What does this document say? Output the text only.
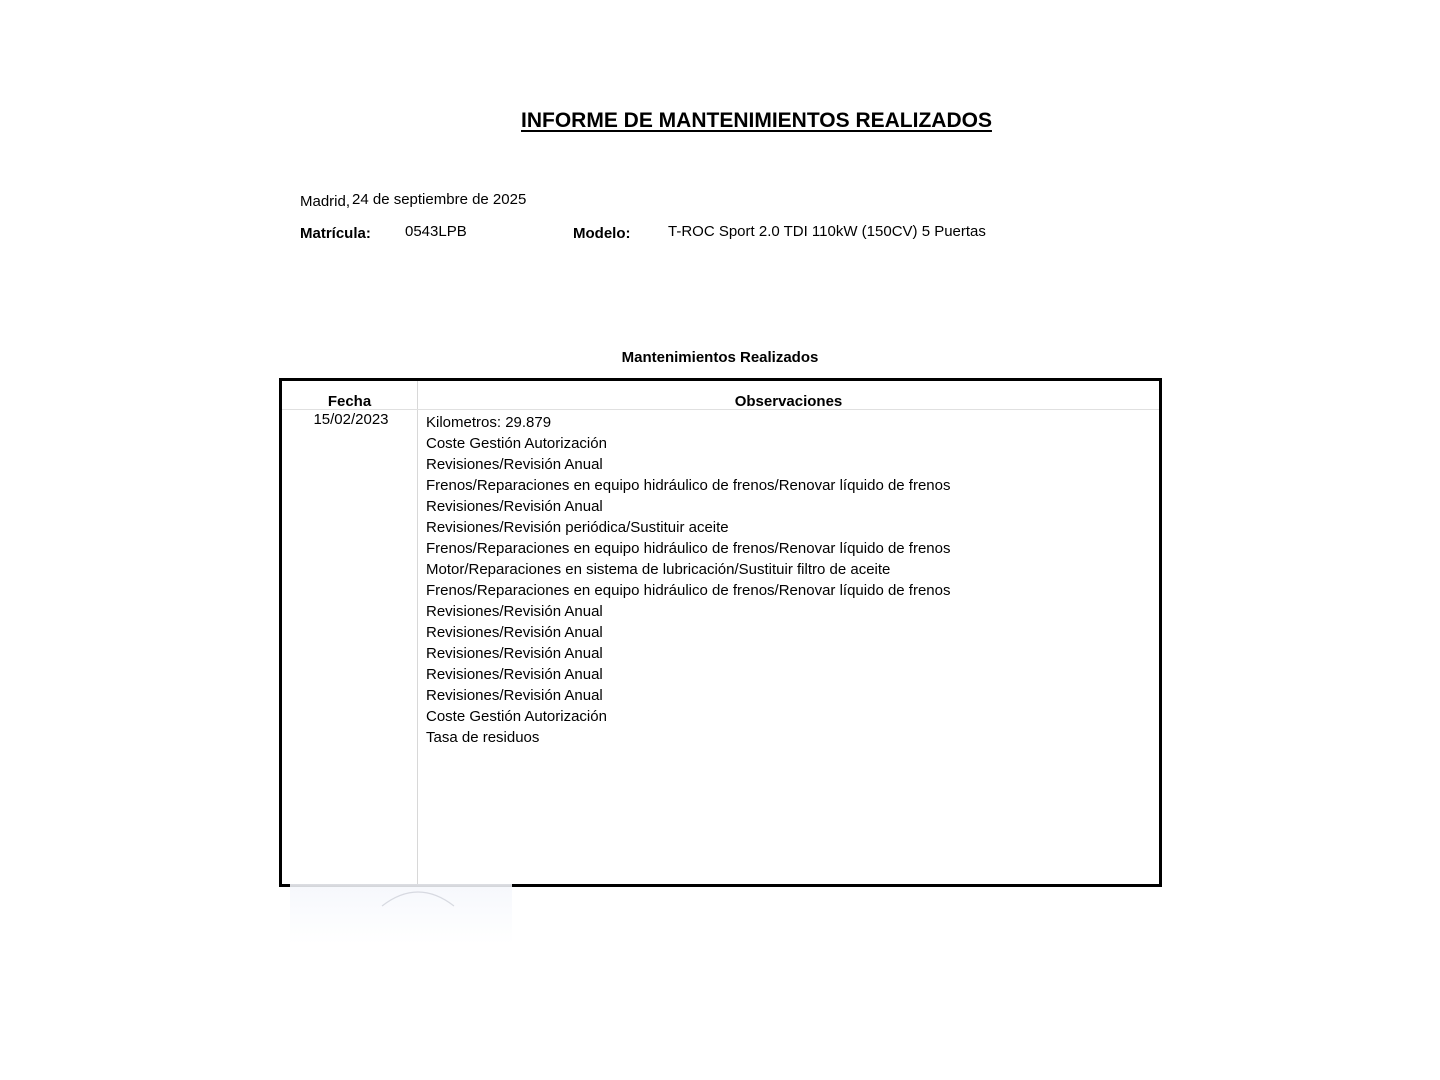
INFORME DE MANTENIMIENTOS REALIZADOS
Madrid, 24 de septiembre de 2025
Matrícula: 0543LPB	Modelo:	T-ROC Sport 2.0 TDI 110kW (150CV) 5 Puertas
Mantenimientos Realizados
Fecha	Observaciones
15/02/2023	Kilometros: 29.879
Coste Gestión Autorización
Revisiones/Revisión Anual
Frenos/Reparaciones en equipo hidráulico de frenos/Renovar líquido de frenos
Revisiones/Revisión Anual
Revisiones/Revisión periódica/Sustituir aceite
Frenos/Reparaciones en equipo hidráulico de frenos/Renovar líquido de frenos
Motor/Reparaciones en sistema de lubricación/Sustituir filtro de aceite
Frenos/Reparaciones en equipo hidráulico de frenos/Renovar líquido de frenos
Revisiones/Revisión Anual
Revisiones/Revisión Anual
Revisiones/Revisión Anual
Revisiones/Revisión Anual
Revisiones/Revisión Anual
Coste Gestión Autorización
Tasa de residuos
